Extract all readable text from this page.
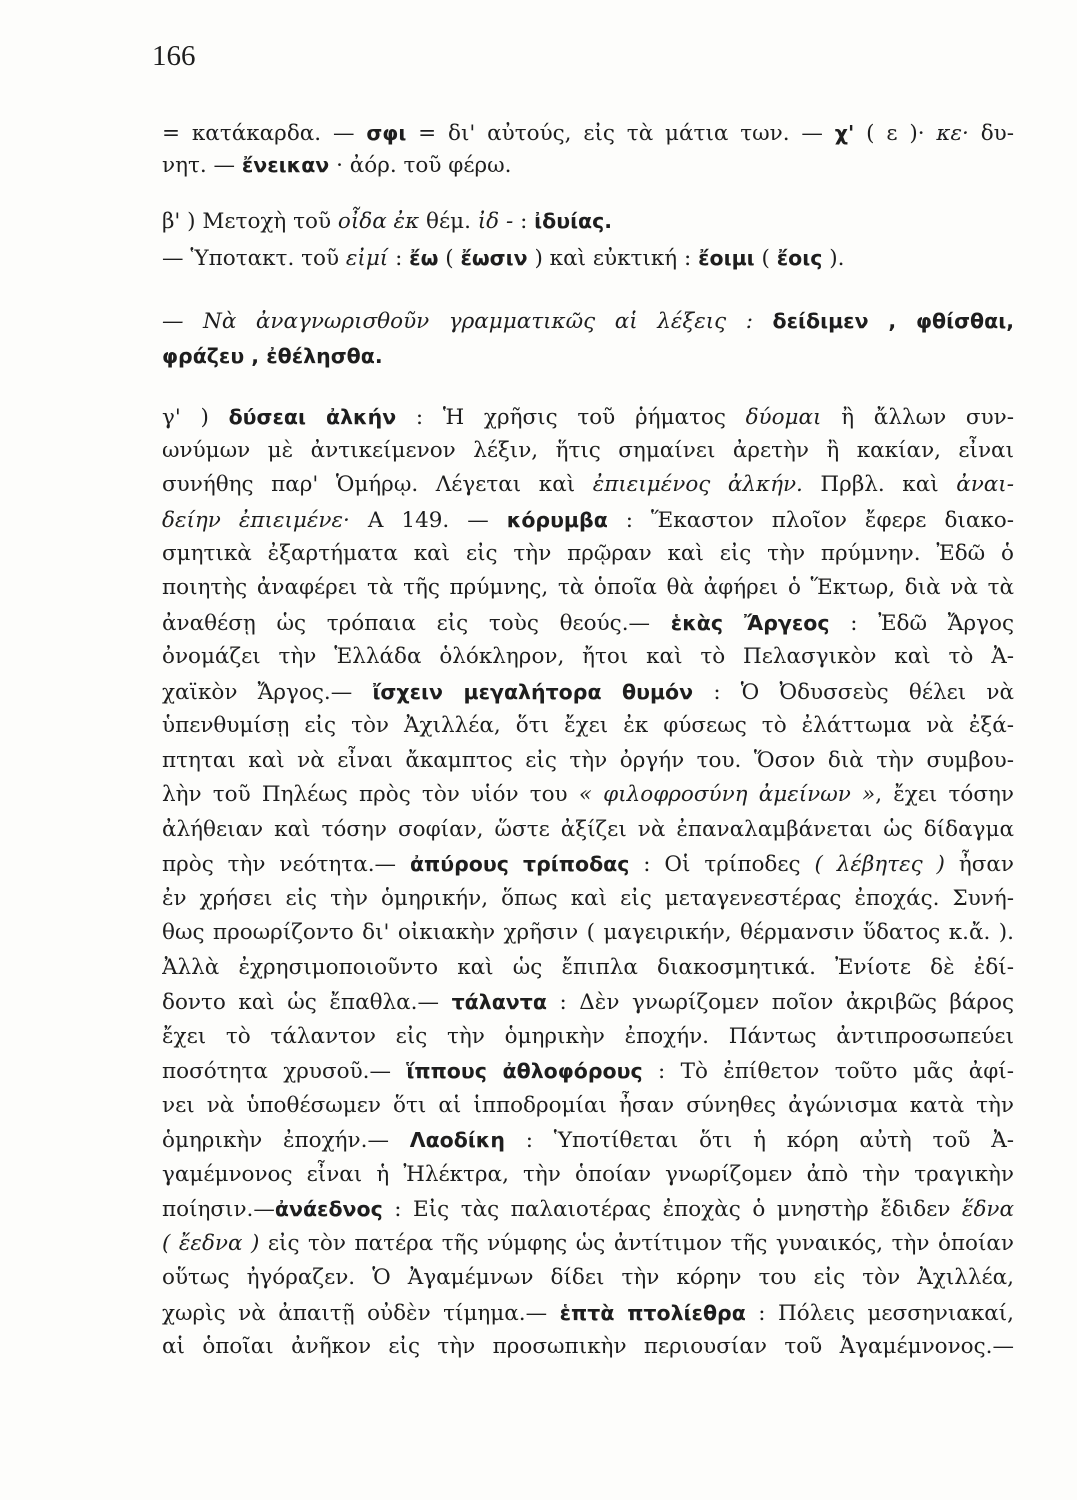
166
= κατάκαρδα. — σφι = δι' αὐτούς, εἰς τὰ μάτια των. — χ' ( ε )· κε· δυ-
νητ. — ἔνεικαν · ἀόρ. τοῦ φέρω.
β' ) Μετοχὴ τοῦ οἶδα ἐκ θέμ. ἰδ - : ἰδυίας.
— Ὑποτακτ. τοῦ εἰμί : ἔω ( ἔωσιν ) καὶ εὐκτική : ἔοιμι ( ἔοις ).
— Νὰ ἀναγνωρισθοῦν γραμματικῶς αἱ λέξεις : δείδιμεν , φθίσθαι,
φράζευ , ἐθέλησθα.
γ' ) δύσεαι ἀλκήν : Ἡ χρῆσις τοῦ ῥήματος δύομαι ἢ ἄλλων συν-
ωνύμων μὲ ἀντικείμενον λέξιν, ἥτις σημαίνει ἀρετὴν ἢ κακίαν, εἶναι
συνήθης παρ' Ὁμήρῳ. Λέγεται καὶ ἐπιειμένος ἀλκήν. Πρβλ. καὶ ἀναι-
δείην ἐπιειμένε· Α 149. — κόρυμβα : Ἕκαστον πλοῖον ἔφερε διακο-
σμητικὰ ἐξαρτήματα καὶ εἰς τὴν πρῷραν καὶ εἰς τὴν πρύμνην. Ἐδῶ ὁ
ποιητὴς ἀναφέρει τὰ τῆς πρύμνης, τὰ ὁποῖα θὰ ἀφήρει ὁ Ἕκτωρ, διὰ νὰ τὰ
ἀναθέσῃ ὡς τρόπαια εἰς τοὺς θεούς.— ἑκὰς Ἄργεος : Ἐδῶ Ἄργος
ὀνομάζει τὴν Ἑλλάδα ὁλόκληρον, ἤτοι καὶ τὸ Πελασγικὸν καὶ τὸ Ἀ-
χαϊκὸν Ἄργος.— ἴσχειν μεγαλήτορα θυμόν : Ὁ Ὀδυσσεὺς θέλει νὰ
ὑπενθυμίσῃ εἰς τὸν Ἀχιλλέα, ὅτι ἔχει ἐκ φύσεως τὸ ἐλάττωμα νὰ ἐξά-
πτηται καὶ νὰ εἶναι ἄκαμπτος εἰς τὴν ὀργήν του. Ὅσον διὰ τὴν συμβου-
λὴν τοῦ Πηλέως πρὸς τὸν υἱόν του « φιλοφροσύνη ἀμείνων », ἔχει τόσην
ἀλήθειαν καὶ τόσην σοφίαν, ὥστε ἀξίζει νὰ ἐπαναλαμβάνεται ὡς δίδαγμα
πρὸς τὴν νεότητα.— ἀπύρους τρίποδας : Οἱ τρίποδες ( λέβητες ) ἦσαν
ἐν χρήσει εἰς τὴν ὁμηρικήν, ὅπως καὶ εἰς μεταγενεστέρας ἐποχάς. Συνή-
θως προωρίζοντο δι' οἰκιακὴν χρῆσιν ( μαγειρικήν, θέρμανσιν ὕδατος κ.ἄ. ).
Ἀλλὰ ἐχρησιμοποιοῦντο καὶ ὡς ἔπιπλα διακοσμητικά. Ἐνίοτε δὲ ἐδί-
δοντο καὶ ὡς ἔπαθλα.— τάλαντα : Δὲν γνωρίζομεν ποῖον ἀκριβῶς βάρος
ἔχει τὸ τάλαντον εἰς τὴν ὁμηρικὴν ἐποχήν. Πάντως ἀντιπροσωπεύει
ποσότητα χρυσοῦ.— ἵππους ἀθλοφόρους : Τὸ ἐπίθετον τοῦτο μᾶς ἀφί-
νει νὰ ὑποθέσωμεν ὅτι αἱ ἱπποδρομίαι ἦσαν σύνηθες ἀγώνισμα κατὰ τὴν
ὁμηρικὴν ἐποχήν.— Λαοδίκη : Ὑποτίθεται ὅτι ἡ κόρη αὐτὴ τοῦ Ἀ-
γαμέμνονος εἶναι ἡ Ἠλέκτρα, τὴν ὁποίαν γνωρίζομεν ἀπὸ τὴν τραγικὴν
ποίησιν.—ἀνάεδνος : Εἰς τὰς παλαιοτέρας ἐποχὰς ὁ μνηστὴρ ἔδιδεν ἕδνα
( ἔεδνα ) εἰς τὸν πατέρα τῆς νύμφης ὡς ἀντίτιμον τῆς γυναικός, τὴν ὁποίαν
οὕτως ἠγόραζεν. Ὁ Ἀγαμέμνων δίδει τὴν κόρην του εἰς τὸν Ἀχιλλέα,
χωρὶς νὰ ἀπαιτῇ οὐδὲν τίμημα.— ἑπτὰ πτολίεθρα : Πόλεις μεσσηνιακαί,
αἱ ὁποῖαι ἀνῆκον εἰς τὴν προσωπικὴν περιουσίαν τοῦ Ἀγαμέμνονος.—
